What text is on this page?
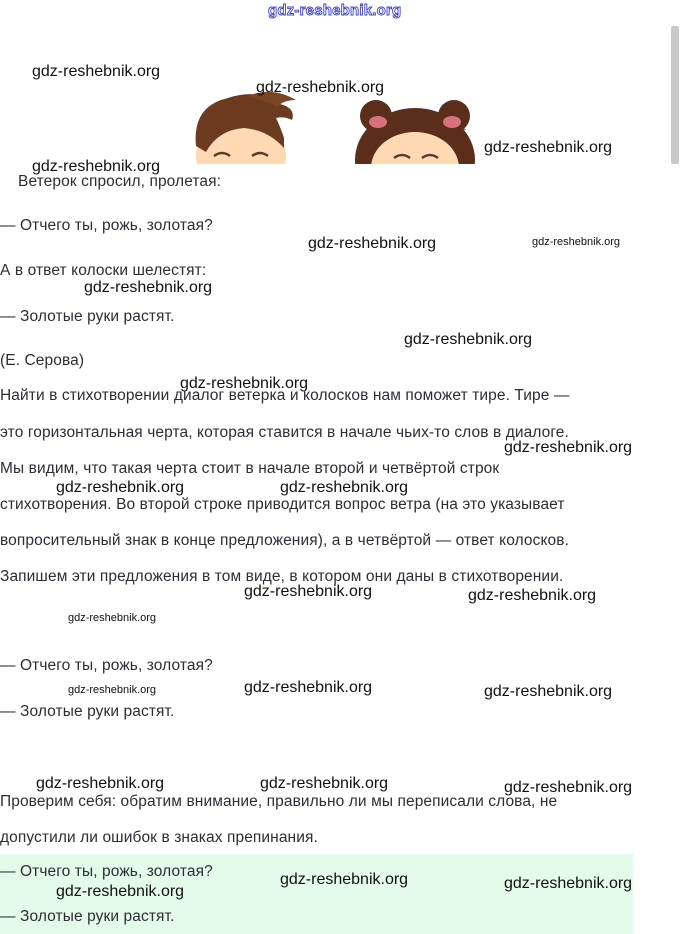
gdz-reshebnik.org
gdz-reshebnik.org
gdz-reshebnik.org
gdz-reshebnik.org
gdz-reshebnik.org
Ветерок спросил, пролетая:
— Отчего ты, рожь, золотая?
gdz-reshebnik.org	gdz-reshebnik.org
А в ответ колоски шелестят:
gdz-reshebnik.org
— Золотые руки растят.
gdz-reshebnik.org
(Е. Серова)
gdz-reshebnik.org
Найти в стихотворении диалог ветерка и колосков нам поможет тире. Тире —
это горизонтальная черта, которая ставится в начале чьих-то слов в диалоге.
gdz-reshebnik.org
Мы видим, что такая черта стоит в начале второй и четвёртой строк
gdz-reshebnik.org	gdz-reshebnik.org
стихотворения. Во второй строке приводится вопрос ветра (на это указывает
вопросительный знак в конце предложения), а в четвёртой — ответ колосков.
Запишем эти предложения в том виде, в котором они даны в стихотворении.
gdz-reshebnik.org	gdz-reshebnik.org
gdz-reshebnik.org
— Отчего ты, рожь, золотая?
gdz-reshebnik.org	gdz-reshebnik.org	gdz-reshebnik.org
— Золотые руки растят.
gdz-reshebnik.org	gdz-reshebnik.org	gdz-reshebnik.org
Проверим себя: обратим внимание, правильно ли мы переписали слова, не
допустили ли ошибок в знаках препинания.
— Отчего ты, рожь, золотая?	gdz-reshebnik.org	gdz-reshebnik.org
gdz-reshebnik.org
— Золотые руки растят.
